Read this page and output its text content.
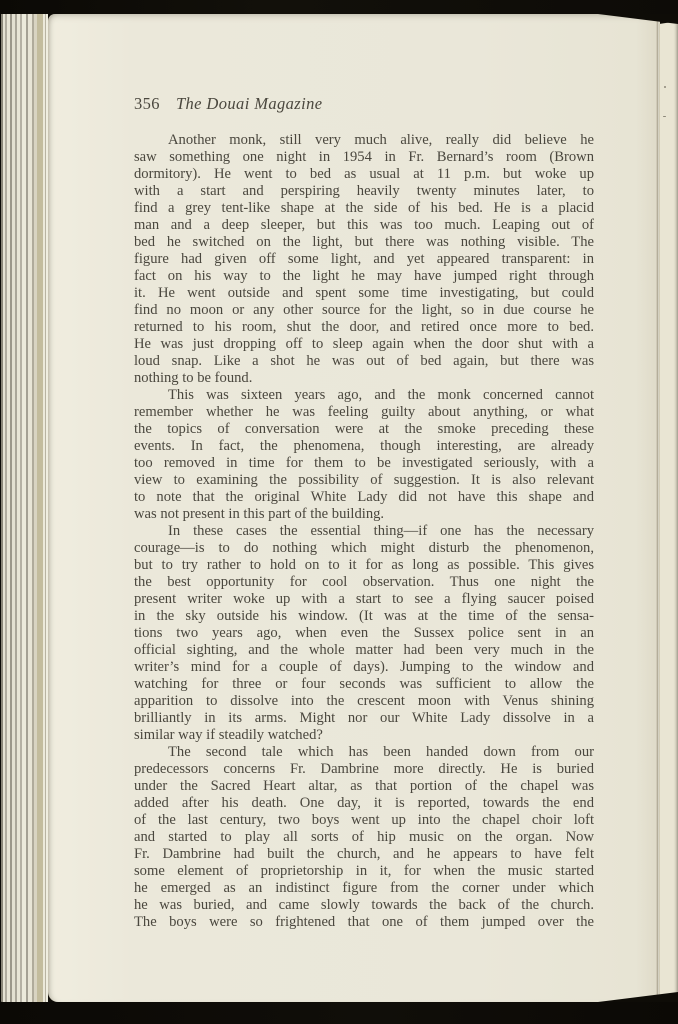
356 The Douai Magazine
Another monk, still very much alive, really did believe he
saw something one night in 1954 in Fr. Bernard’s room (Brown
dormitory). He went to bed as usual at 11 p.m. but woke up
with a start and perspiring heavily twenty minutes later, to
find a grey tent-like shape at the side of his bed. He is a placid
man and a deep sleeper, but this was too much. Leaping out of
bed he switched on the light, but there was nothing visible. The
figure had given off some light, and yet appeared transparent: in
fact on his way to the light he may have jumped right through
it. He went outside and spent some time investigating, but could
find no moon or any other source for the light, so in due course he
returned to his room, shut the door, and retired once more to bed.
He was just dropping off to sleep again when the door shut with a
loud snap. Like a shot he was out of bed again, but there was
nothing to be found.
This was sixteen years ago, and the monk concerned cannot
remember whether he was feeling guilty about anything, or what
the topics of conversation were at the smoke preceding these
events. In fact, the phenomena, though interesting, are already
too removed in time for them to be investigated seriously, with a
view to examining the possibility of suggestion. It is also relevant
to note that the original White Lady did not have this shape and
was not present in this part of the building.
In these cases the essential thing—if one has the necessary
courage—is to do nothing which might disturb the phenomenon,
but to try rather to hold on to it for as long as possible. This gives
the best opportunity for cool observation. Thus one night the
present writer woke up with a start to see a flying saucer poised
in the sky outside his window. (It was at the time of the sensa-
tions two years ago, when even the Sussex police sent in an
official sighting, and the whole matter had been very much in the
writer’s mind for a couple of days). Jumping to the window and
watching for three or four seconds was sufficient to allow the
apparition to dissolve into the crescent moon with Venus shining
brilliantly in its arms. Might nor our White Lady dissolve in a
similar way if steadily watched?
The second tale which has been handed down from our
predecessors concerns Fr. Dambrine more directly. He is buried
under the Sacred Heart altar, as that portion of the chapel was
added after his death. One day, it is reported, towards the end
of the last century, two boys went up into the chapel choir loft
and started to play all sorts of hip music on the organ. Now
Fr. Dambrine had built the church, and he appears to have felt
some element of proprietorship in it, for when the music started
he emerged as an indistinct figure from the corner under which
he was buried, and came slowly towards the back of the church.
The boys were so frightened that one of them jumped over the
